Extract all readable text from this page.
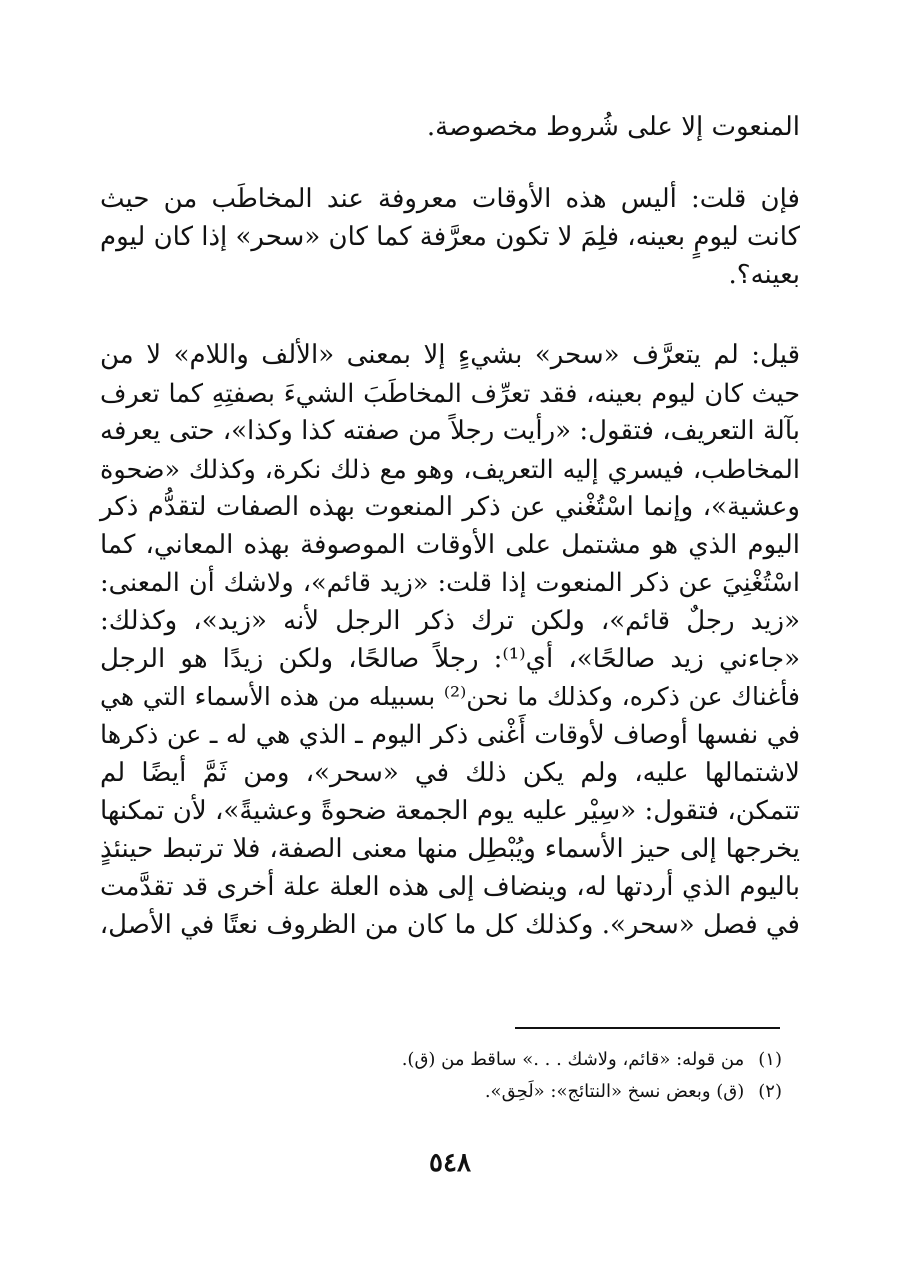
المنعوت إلا على شُروط مخصوصة.
فإن قلت: أليس هذه الأوقات معروفة عند المخاطَب من حيث
كانت ليومٍ بعينه، فلِمَ لا تكون معرَّفة كما كان «سحر» إذا كان ليوم
بعينه؟.
قيل: لم يتعرَّف «سحر» بشيءٍ إلا بمعنى «الألف واللام» لا من
حيث كان ليوم بعينه، فقد تعرِّف المخاطَبَ الشيءَ بصفتِهِ كما تعرف
بآلة التعريف، فتقول: «رأيت رجلاً من صفته كذا وكذا»، حتى يعرفه
المخاطب، فيسري إليه التعريف، وهو مع ذلك نكرة، وكذلك «ضحوة
وعشية»، وإنما اسْتُغْني عن ذكر المنعوت بهذه الصفات لتقدُّم ذكر
اليوم الذي هو مشتمل على الأوقات الموصوفة بهذه المعاني، كما
اسْتُغْنِيَ عن ذكر المنعوت إذا قلت: «زيد قائم»، ولاشك أن المعنى:
«زيد رجلٌ قائم»، ولكن ترك ذكر الرجل لأنه «زيد»، وكذلك:
«جاءني زيد صالحًا»، أي⁽¹⁾: رجلاً صالحًا، ولكن زيدًا هو الرجل
فأغناك عن ذكره، وكذلك ما نحن⁽²⁾ بسبيله من هذه الأسماء التي هي
في نفسها أوصاف لأوقات أَغْنى ذكر اليوم ـ الذي هي له ـ عن ذكرها
لاشتمالها عليه، ولم يكن ذلك في «سحر»، ومن ثَمَّ أيضًا لم
تتمكن، فتقول: «سِيْر عليه يوم الجمعة ضحوةً وعشيةً»، لأن تمكنها
يخرجها إلى حيز الأسماء ويُبْطِل منها معنى الصفة، فلا ترتبط حينئذٍ
باليوم الذي أردتها له، وينضاف إلى هذه العلة علة أخرى قد تقدَّمت
في فصل «سحر». وكذلك كل ما كان من الظروف نعتًا في الأصل،
(١)من قوله: «قائم، ولاشك . . .» ساقط من (ق).
(٢)(ق) وبعض نسخ «النتائج»: «لَحِق».
٥٤٨
